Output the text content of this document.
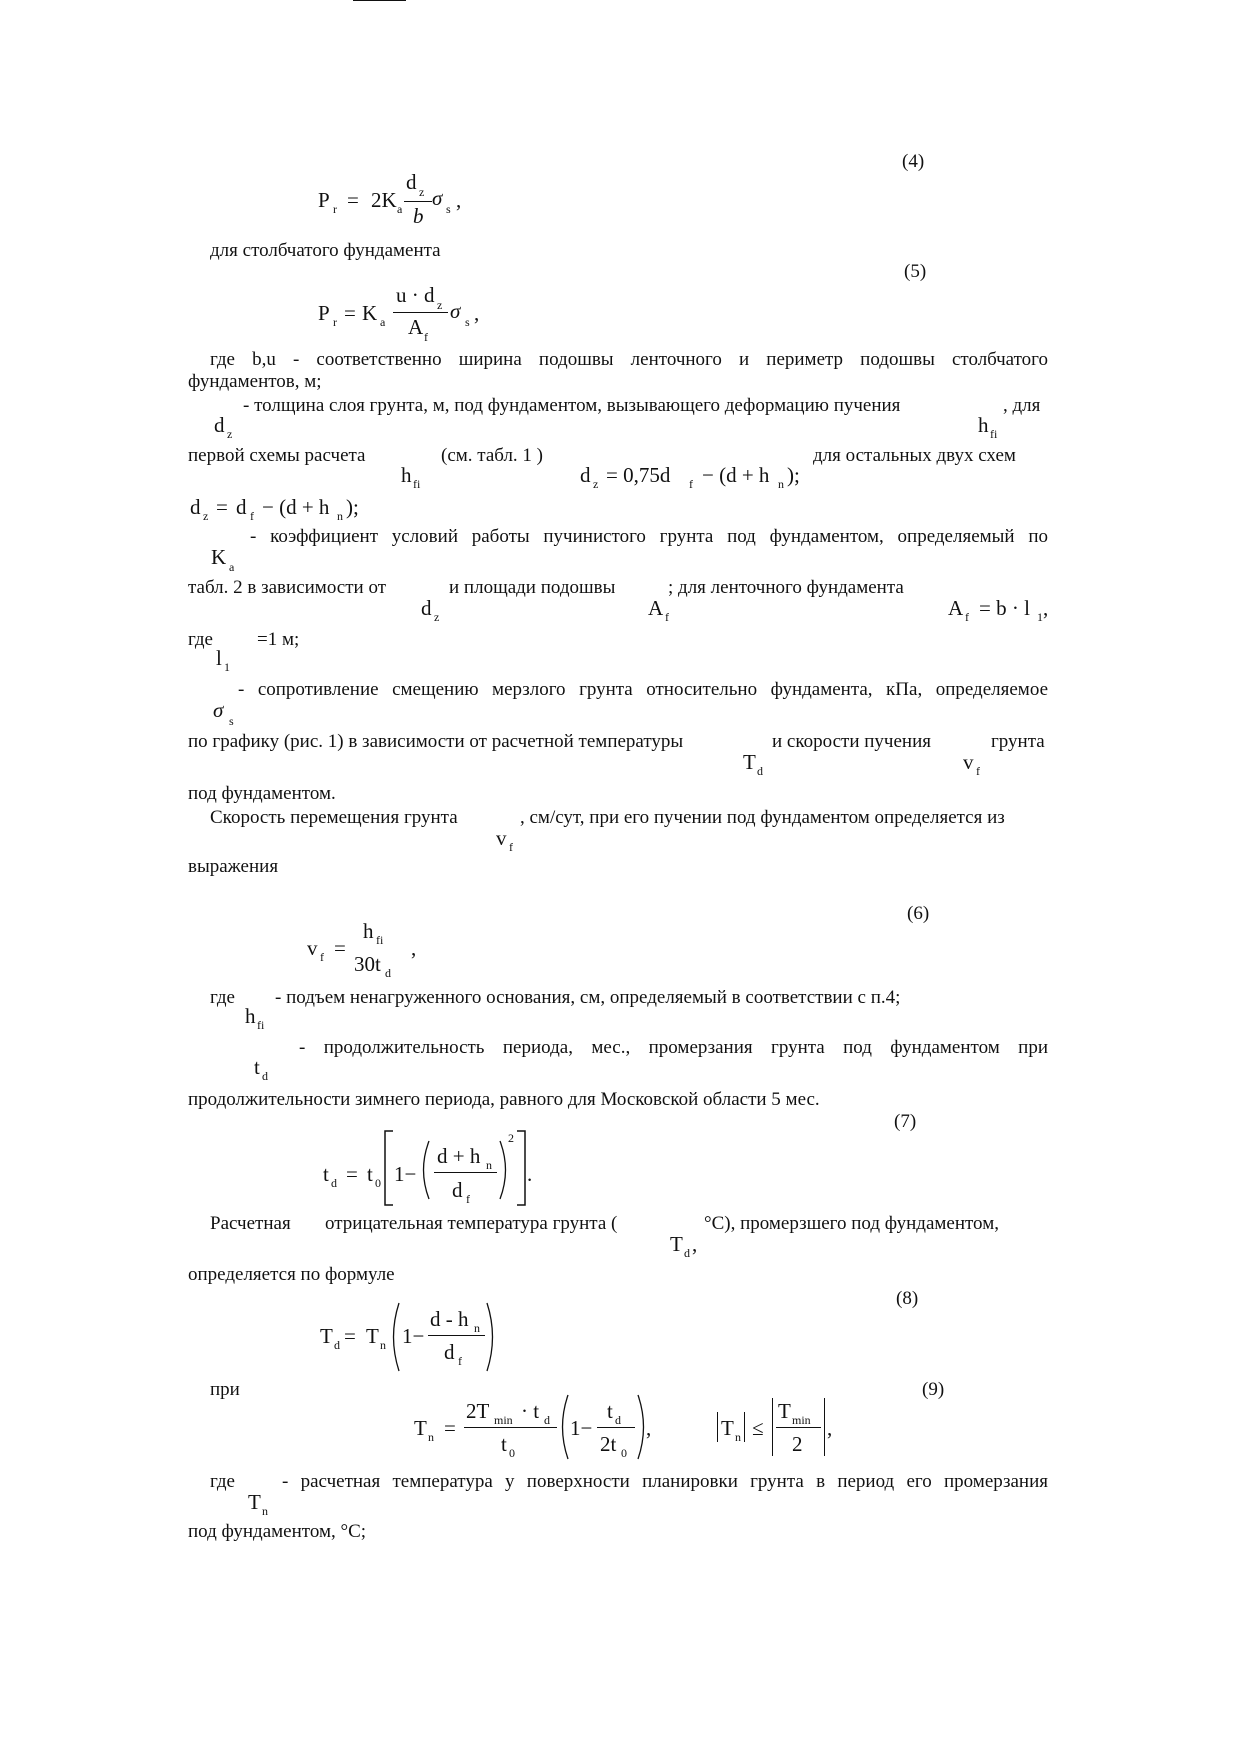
(4)
P r = 2K a
d z
b
σ s ,
для столбчатого фундамента
(5)
P r = K a
u · d z
A f
σ s ,
где b,u - соответственно ширина подошвы ленточного и периметр подошвы столбчатого
фундаментов, м;
- толщина слоя грунта, м, под фундаментом, вызывающего деформацию пучения	, для
d z	h fi
первой схемы расчета	(см. табл. 1 )	для остальных двух схем
h fi	d z = 0,75d f − (d + h n );
d z = d f − (d + h n );
- коэффициент условий работы пучинистого грунта под фундаментом, определяемый по
K a
табл. 2 в зависимости от	и площади подошвы	; для ленточного фундамента
d z	A f	A f = b · l 1 ,
где =1 м;
l 1
- сопротивление смещению мерзлого грунта относительно фундамента, кПа, определяемое
σ s
по графику (рис. 1) в зависимости от расчетной температуры	и скорости пучения	грунта
T d	v f
под фундаментом.
Скорость перемещения грунта	, см/сут, при его пучении под фундаментом определяется из
v f
выражения
(6)
v f =
h fi
30t d
,
где - подъем ненагруженного основания, см, определяемый в соответствии с п.4;
h fi
- продолжительность периода, мес., промерзания грунта под фундаментом при
t d
продолжительности зимнего периода, равного для Московской области 5 мес.
(7)
t d = t 0 1−
d + h n
d f
2
.
Расчетная отрицательная температура грунта (	°С), промерзшего под фундаментом,
T d ,
определяется по формуле
(8)
T d = T n 1−
d - h n
d f
при	(9)
T n =
2T min · t d
t 0
1−
t d
2t 0
,	T n ≤
T min
2
,
где - расчетная температура у поверхности планировки грунта в период его промерзания
T n
под фундаментом, °С;
